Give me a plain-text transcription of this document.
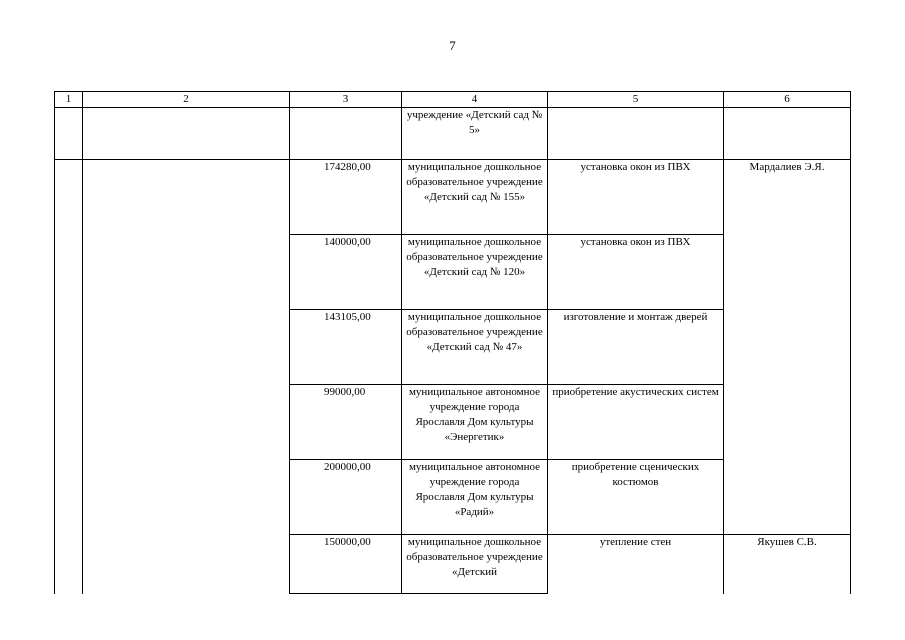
7
1	2	3	4	5	6
			учреждение «Детский сад № 5»		
		174280,00	муниципальное дошкольное образовательное учреждение «Детский сад № 155»	установка окон из ПВХ	Мардалиев Э.Я.
		140000,00	муниципальное дошкольное образовательное учреждение «Детский сад № 120»	установка окон из ПВХ	
		143105,00	муниципальное дошкольное образовательное учреждение «Детский сад № 47»	изготовление и монтаж дверей	
		99000,00	муниципальное автономное учреждение города Ярославля Дом культуры «Энергетик»	приобретение акустических систем	
		200000,00	муниципальное автономное учреждение города Ярославля Дом культуры «Радий»	приобретение сценических костюмов	
		150000,00	муниципальное дошкольное образовательное учреждение «Детский	утепление стен	Якушев С.В.
